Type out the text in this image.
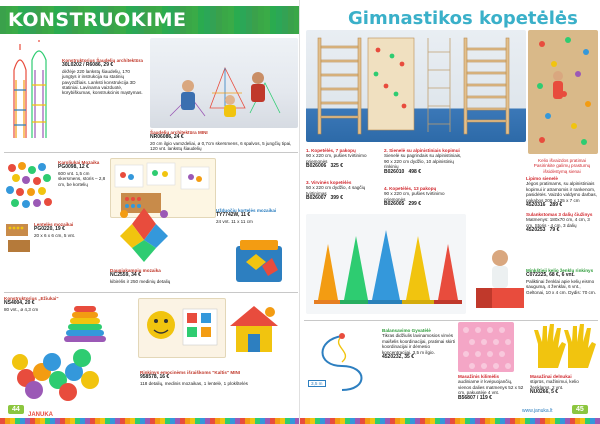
KONSTRUOKIME
Konstruktorius Šaudelių architektūra
30L0202 / R6086, 29 €
dėžėje 220 lankstų šiaudelių, 170 jungtys ir instrukcija su statinių pavyzdžiais. Lanksti konstrukcija 3D statiniai. Lavinama vaizduotė, kūrybiškumas, konstrukcinis mąstymas.
Šaudelių architektūra MINI
NR06086, 24 €
20 cm ilgio vamzdeliai, ø 0,7cm skersmens, 6 spalvos, 5 jungčių tipai, 120 vnt. lankstų šiaudelių
Karoliukai Mozaika
PG0098, 12 €
600 vnt. 1,5 cm skersmens, storis – 2,8 cm, be kortelių
Lentelės mozaikai
PG0220, 19 €
20 x 6 x 6 cm, 5 vnt.
Užduočių kortelės mozaikai
TY7742W, 11 €
24 vnt. 11 x 11 cm
Daugiakampių mozaika
NC2559, 34 €
kibirėlis ir 250 medinių detalių
Konstruktorius „Ežiukai"
NS4004, 20 €
80 vnt., ø 4,3 cm
Rinkinys emocinėms išraiškoms "Kaltis" MINI
958578, 16 €
118 detalių, medinis mozaikas, 1 lentelė, 1 plokštelės
44
JANUKA
Gimnastikos kopetėlės
1. Kopetėlės, 7 pakopų
90 x 220 cm, pušies tvirtinimo priemonės
B026006 325 €
3. Virvinės kopetėlės
50 x 220 cm dydžio, 4 sagčių tvirtinimas
B026007 399 €
2. Sienelė su alpinistiniais kopimui
Sienelė su pagrindais su alpinistiniais, 90 x 220 cm dydžio, 10 alpinistinių rinkinių
B026010 498 €
4. Kopetėlės, 13 pakopų
90 x 220 cm, pušies tvirtinimo priemonės
B026005 299 €
Kelio išvaizdos pratimai
Pasirinkite galimų prastumų išsidėstymą sienai
Lipimo sienelė
Jėgos pratimams, su alpinistiniais kopimui ir atramomis ir rankenom, pasidėtės. Vaizdo valdymo darbas, pakabos 200 x 125 x 7 cm
4520316 289 €
Sulankstomas 3 dalių čiužinys
Matmenys: 180x70 cm, 4 cm, 3 cm. Storis - 4 cm, 3 dalių
4520253 79 €
Minkštieji kelio ženklų rinkinys
C072225, 68 €, 6 vnt.
Paliktinai ženklai apie kelių eismo saugumą, 4 ženklai, 6 vnt., Geltonai, 10 x 4 cm. Dydis: 70 cm.
3,5 m
Balansavimo Gyvatėlė
Tikras didžiulis lavinamosios virvės maišelis koordinacijai, pratimai skirti koordinacijai ir dėmesio koncentracijai. 3,5 m ilgio.
4520232, 35 €
Masažinis kilimėlis
audiniame ir kvėpuojančių, vienos dalies matmenys 52 x 52 cm, pakuotėje 4 vnt.
B56807 / 119 €
Masažinai delnukai
stiprūs, mažinimui, kelio ženklams, 2 vnt.
NU0266, 5 €
www.januka.lt	45
